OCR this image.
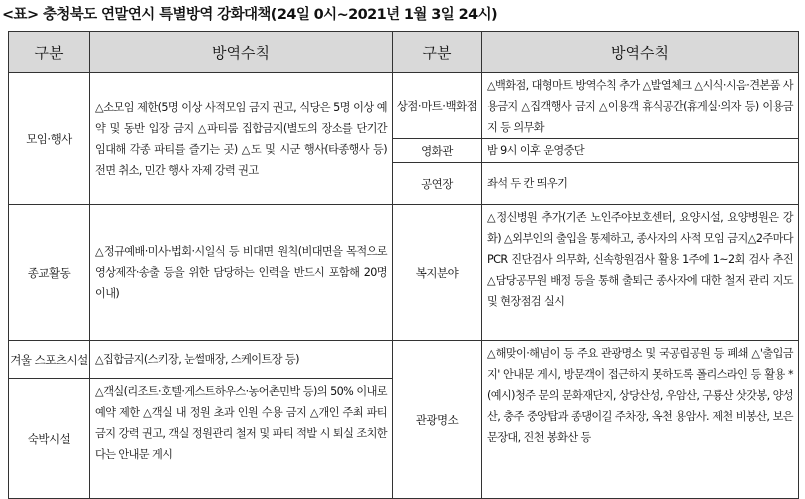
<표> 충청북도 연말연시 특별방역 강화대책(24일 0시~2021년 1월 3일 24시)
구분	방역수칙	구분	방역수칙
모임·행사	△소모임 제한(5명 이상 사적모임 금지 권고, 식당은 5명 이상 예약 및 동반 입장 금지 △파티룸 집합금지(별도의 장소를 단기간 임대해 각종 파티를 즐기는 곳) △도 및 시군 행사(타종행사 등) 전면 취소, 민간 행사 자제 강력 권고	상점·마트·백화점	△백화점, 대형마트 방역수칙 추가 △발열체크 △시식·시음·견본품 사용금지 △집객행사 금지 △이용객 휴식공간(휴게실·의자 등) 이용금지 등 의무화
		영화관	밤 9시 이후 운영중단
		공연장	좌석 두 칸 띄우기
종교활동	△정규예배·미사·법회·시일식 등 비대면 원칙(비대면을 목적으로 영상제작·송출 등을 위한 담당하는 인력을 반드시 포함해 20명 이내)	복지분야	△정신병원 추가(기존 노인주야보호센터, 요양시설, 요양병원은 강화) △외부인의 출입을 통제하고, 종사자의 사적 모임 금지△2주마다 PCR 진단검사 의무화, 신속항원검사 활용 1주에 1~2회 검사 추진 △담당공무원 배정 등을 통해 출퇴근 종사자에 대한 철저 관리 지도 및 현장점검 실시
겨울 스포츠시설	△집합금지(스키장, 눈썰매장, 스케이트장 등)	관광명소	△해맞이·해넘이 등 주요 관광명소 및 국공립공원 등 폐쇄 △'출입금지' 안내문 게시, 방문객이 접근하지 못하도록 폴리스라인 등 활용 *(예시)청주 문의 문화재단지, 상당산성, 우암산, 구룡산 삿갓봉, 양성산, 충주 중앙탑과 종댕이길 주차장, 옥천 용암사. 제천 비봉산, 보은 문장대, 진천 봉화산 등
숙박시설	△객실(리조트·호텔·게스트하우스·농어촌민박 등)의 50% 이내로 예약 제한 △객실 내 정원 초과 인원 수용 금지 △개인 주최 파티 금지 강력 권고, 객실 정원관리 철저 및 파티 적발 시 퇴실 조치한다는 안내문 게시		
